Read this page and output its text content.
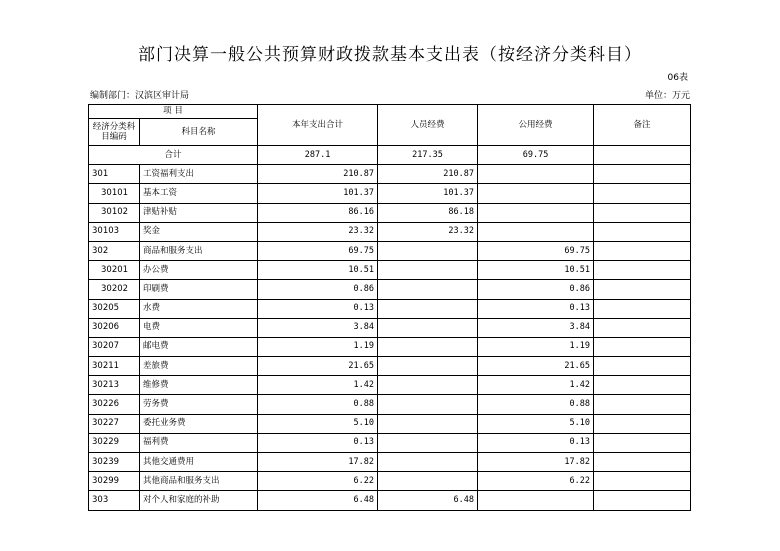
部门决算一般公共预算财政拨款基本支出表（按经济分类科目）
06表
编制部门：汉滨区审计局	单位：万元
项 目		本年支出合计	人员经费	公用经费	备注
经济分类科目编码	科目名称				
合计		287.1	217.35	69.75	
301	工资福利支出	210.87	210.87		
30101	基本工资	101.37	101.37		
30102	津贴补贴	86.16	86.18		
30103	奖金	23.32	23.32		
302	商品和服务支出	69.75		69.75	
30201	办公费	10.51		10.51	
30202	印刷费	0.86		0.86	
30205	水费	0.13		0.13	
30206	电费	3.84		3.84	
30207	邮电费	1.19		1.19	
30211	差旅费	21.65		21.65	
30213	维修费	1.42		1.42	
30226	劳务费	0.88		0.88	
30227	委托业务费	5.10		5.10	
30229	福利费	0.13		0.13	
30239	其他交通费用	17.82		17.82	
30299	其他商品和服务支出	6.22		6.22	
303	对个人和家庭的补助	6.48	6.48		
